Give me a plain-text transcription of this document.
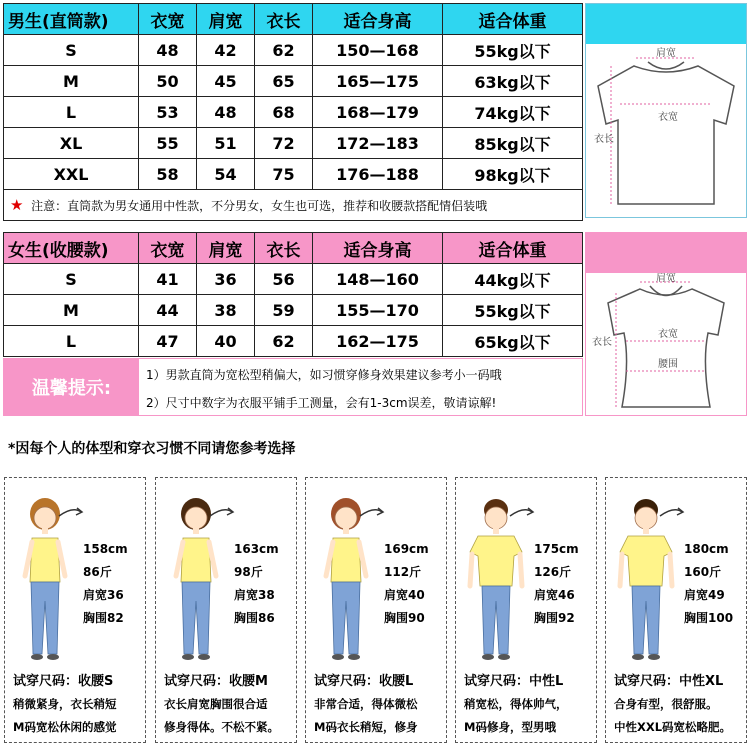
男生(直筒款)	衣宽	肩宽	衣长	适合身高	适合体重
S	48	42	62	150—168	55kg以下
M	50	45	65	165—175	63kg以下
L	53	48	68	168—179	74kg以下
XL	55	51	72	172—183	85kg以下
XXL	58	54	75	176—188	98kg以下
★ 注意：直筒款为男女通用中性款，不分男女，女生也可选，推荐和收腰款搭配情侣装哦					
肩宽
衣宽
衣长
女生(收腰款)	衣宽	肩宽	衣长	适合身高	适合体重
S	41	36	56	148—160	44kg以下
M	44	38	59	155—170	55kg以下
L	47	40	62	162—175	65kg以下
温馨提示:
1）男款直筒为宽松型稍偏大，如习惯穿修身效果建议参考小一码哦
2）尺寸中数字为衣服平铺手工测量，会有1-3cm误差，敬请谅解!
肩宽
衣宽
腰围
衣长
*因每个人的体型和穿衣习惯不同请您参考选择
158cm
86斤
肩宽36
胸围82
试穿尺码：收腰S
稍微紧身，衣长稍短
M码宽松休闲的感觉
163cm
98斤
肩宽38
胸围86
试穿尺码：收腰M
衣长肩宽胸围很合适
修身得体。不松不紧。
169cm
112斤
肩宽40
胸围90
试穿尺码：收腰L
非常合适，得体微松
M码衣长稍短，修身
175cm
126斤
肩宽46
胸围92
试穿尺码：中性L
稍宽松，得体帅气，
M码修身，型男哦
180cm
160斤
肩宽49
胸围100
试穿尺码：中性XL
合身有型，很舒服。
中性XXL码宽松略肥。
